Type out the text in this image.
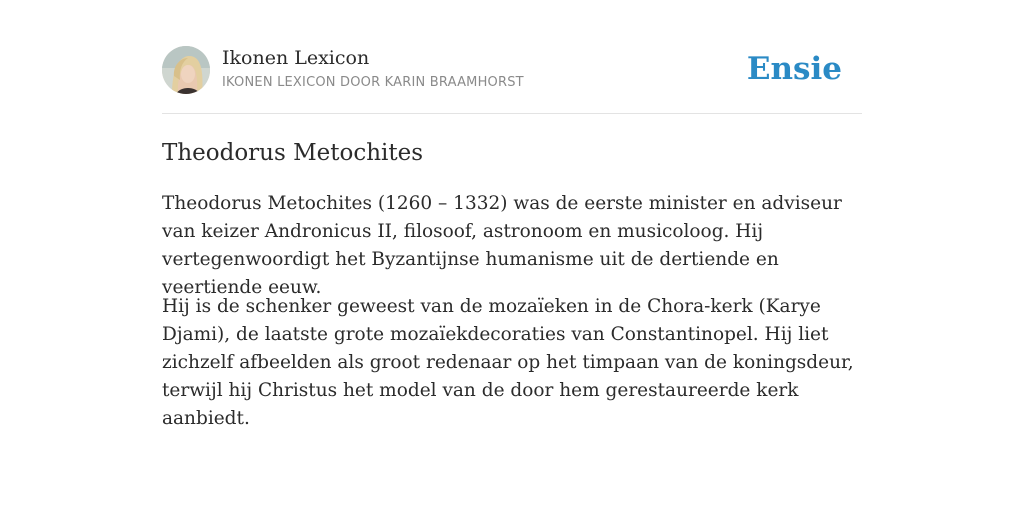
Ikonen Lexicon
IKONEN LEXICON DOOR KARIN BRAAMHORST	Ensie
Theodorus Metochites

Theodorus Metochites (1260 – 1332) was de eerste minister en adviseur van keizer Andronicus II, filosoof, astronoom en musicoloog. Hij vertegenwoordigt het Byzantijnse humanisme uit de dertiende en veertiende eeuw.

Hij is de schenker geweest van de mozaïeken in de Chora-kerk (Karye Djami), de laatste grote mozaïekdecoraties van Constantinopel. Hij liet zichzelf afbeelden als groot redenaar op het timpaan van de koningsdeur, terwijl hij Christus het model van de door hem gerestaureerde kerk aanbiedt.
